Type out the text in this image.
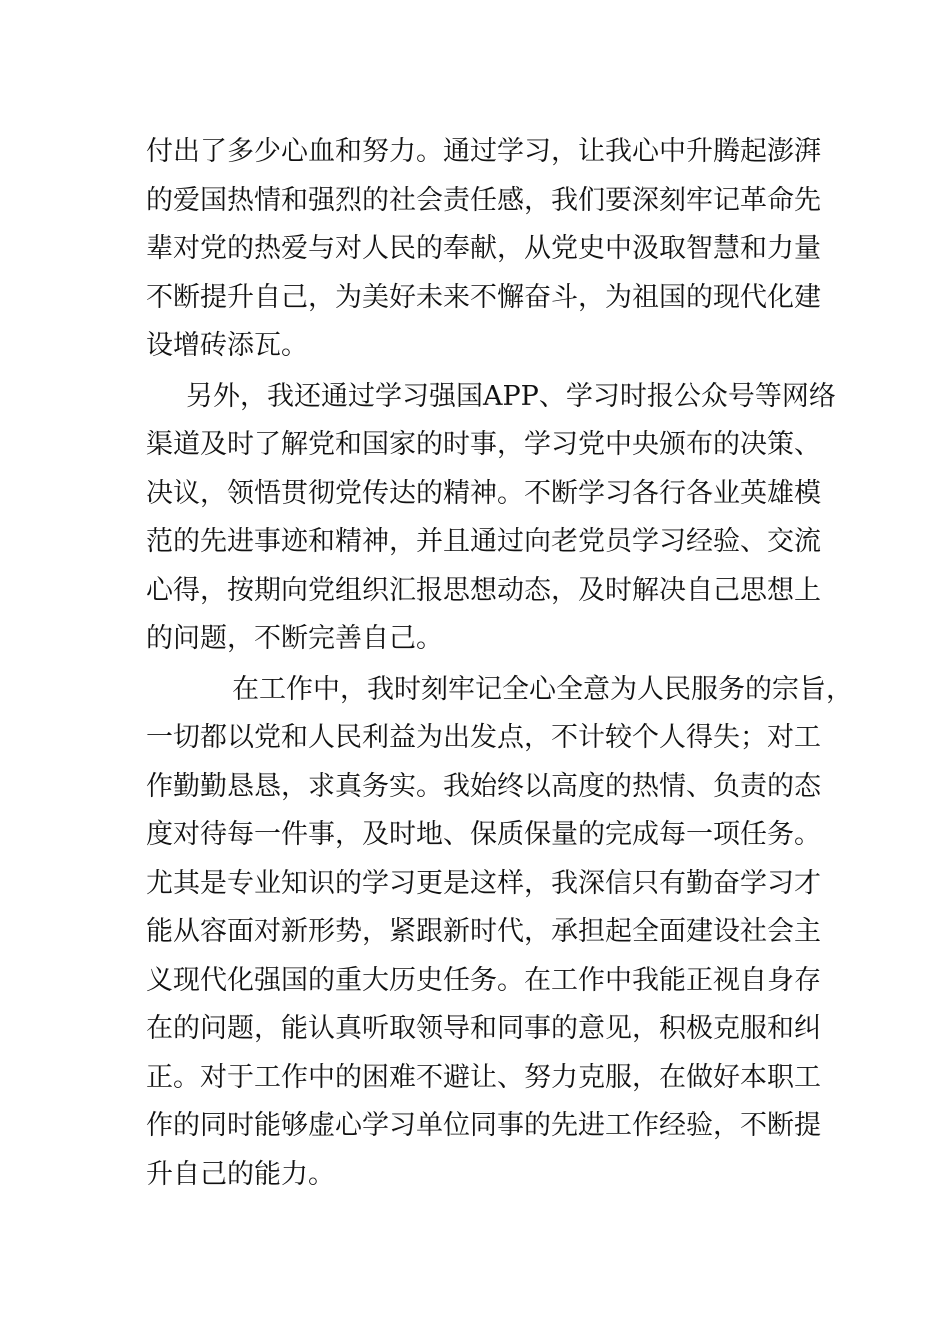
付出了多少心血和努力。通过学习，让我心中升腾起澎湃
的爱国热情和强烈的社会责任感，我们要深刻牢记革命先
辈对党的热爱与对人民的奉献，从党史中汲取智慧和力量
不断提升自己，为美好未来不懈奋斗，为祖国的现代化建
设增砖添瓦。
另外，我还通过学习强国APP、学习时报公众号等网络
渠道及时了解党和国家的时事，学习党中央颁布的决策、
决议，领悟贯彻党传达的精神。不断学习各行各业英雄模
范的先进事迹和精神，并且通过向老党员学习经验、交流
心得，按期向党组织汇报思想动态，及时解决自己思想上
的问题，不断完善自己。
在工作中，我时刻牢记全心全意为人民服务的宗旨，
一切都以党和人民利益为出发点，不计较个人得失；对工
作勤勤恳恳，求真务实。我始终以高度的热情、负责的态
度对待每一件事，及时地、保质保量的完成每一项任务。
尤其是专业知识的学习更是这样，我深信只有勤奋学习才
能从容面对新形势，紧跟新时代，承担起全面建设社会主
义现代化强国的重大历史任务。在工作中我能正视自身存
在的问题，能认真听取领导和同事的意见，积极克服和纠
正。对于工作中的困难不避让、努力克服，在做好本职工
作的同时能够虚心学习单位同事的先进工作经验，不断提
升自己的能力。
